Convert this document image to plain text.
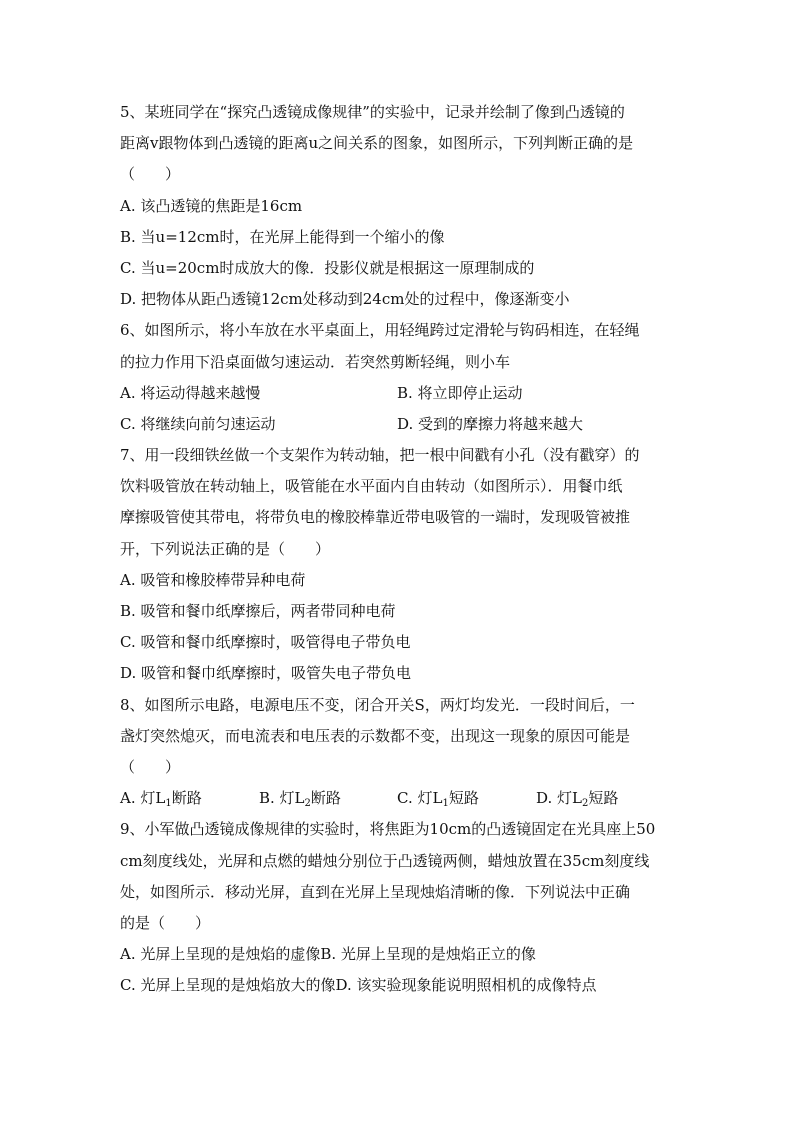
5、某班同学在“探究凸透镜成像规律”的实验中，记录并绘制了像到凸透镜的
距离v跟物体到凸透镜的距离u之间关系的图象，如图所示，下列判断正确的是
（　　）
A. 该凸透镜的焦距是16cm
B. 当u=12cm时，在光屏上能得到一个缩小的像
C. 当u=20cm时成放大的像．投影仪就是根据这一原理制成的
D. 把物体从距凸透镜12cm处移动到24cm处的过程中，像逐渐变小
6、如图所示，将小车放在水平桌面上，用轻绳跨过定滑轮与钩码相连，在轻绳
的拉力作用下沿桌面做匀速运动．若突然剪断轻绳，则小车
A. 将运动得越来越慢	B. 将立即停止运动
C. 将继续向前匀速运动	D. 受到的摩擦力将越来越大
7、用一段细铁丝做一个支架作为转动轴，把一根中间戳有小孔（没有戳穿）的
饮料吸管放在转动轴上，吸管能在水平面内自由转动（如图所示）．用餐巾纸
摩擦吸管使其带电，将带负电的橡胶棒靠近带电吸管的一端时，发现吸管被推
开，下列说法正确的是（　　）
A. 吸管和橡胶棒带异种电荷
B. 吸管和餐巾纸摩擦后，两者带同种电荷
C. 吸管和餐巾纸摩擦时，吸管得电子带负电
D. 吸管和餐巾纸摩擦时，吸管失电子带负电
8、如图所示电路，电源电压不变，闭合开关S，两灯均发光．一段时间后，一
盏灯突然熄灭，而电流表和电压表的示数都不变，出现这一现象的原因可能是
（　　）
A. 灯$L_1$断路	B. 灯$L_2$断路	C. 灯$L_1$短路	D. 灯$L_2$短路
9、小军做凸透镜成像规律的实验时，将焦距为10cm的凸透镜固定在光具座上50
cm刻度线处，光屏和点燃的蜡烛分别位于凸透镜两侧，蜡烛放置在35cm刻度线
处，如图所示．移动光屏，直到在光屏上呈现烛焰清晰的像．下列说法中正确
的是（　　）
A. 光屏上呈现的是烛焰的虚像B. 光屏上呈现的是烛焰正立的像
C. 光屏上呈现的是烛焰放大的像D. 该实验现象能说明照相机的成像特点
